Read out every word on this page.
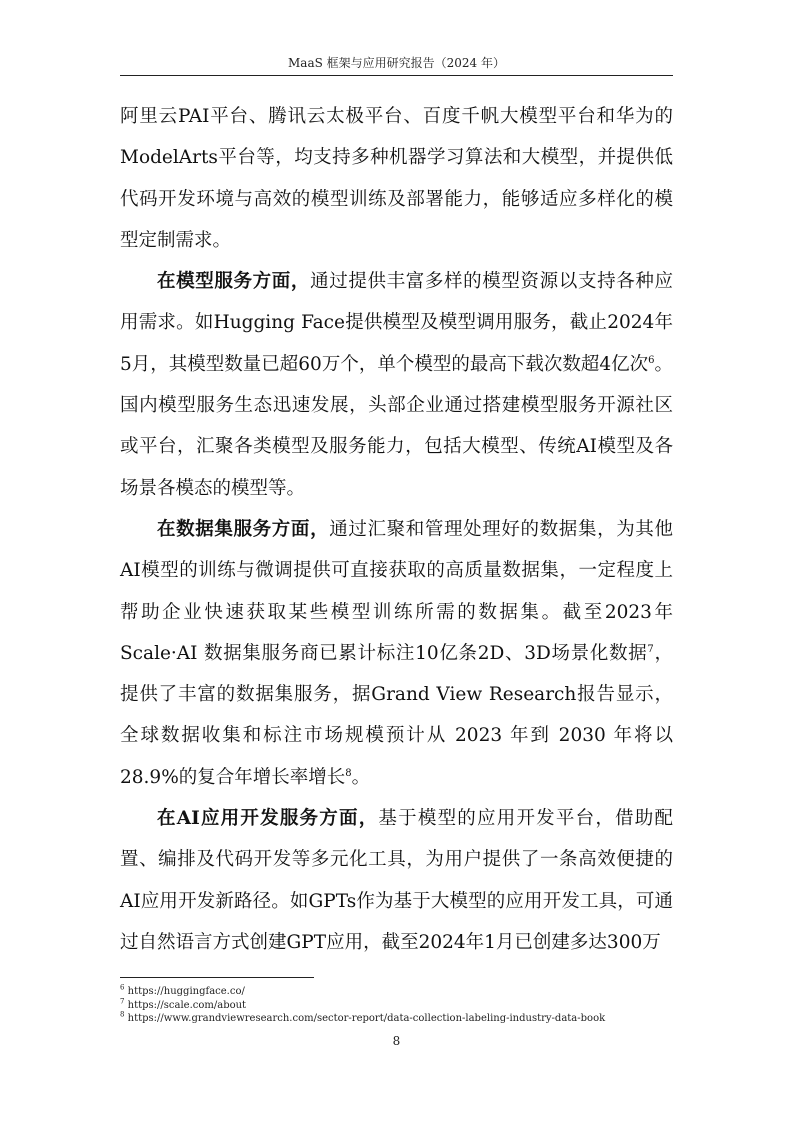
MaaS 框架与应用研究报告（2024 年）

阿里云PAI平台、腾讯云太极平台、百度千帆大模型平台和华为的ModelArts平台等，均支持多种机器学习算法和大模型，并提供低代码开发环境与高效的模型训练及部署能力，能够适应多样化的模型定制需求。

在模型服务方面，通过提供丰富多样的模型资源以支持各种应用需求。如Hugging Face提供模型及模型调用服务，截止2024年5月，其模型数量已超60万个，单个模型的最高下载次数超4亿次$^6$。国内模型服务生态迅速发展，头部企业通过搭建模型服务开源社区或平台，汇聚各类模型及服务能力，包括大模型、传统AI模型及各场景各模态的模型等。

在数据集服务方面，通过汇聚和管理处理好的数据集，为其他AI模型的训练与微调提供可直接获取的高质量数据集，一定程度上帮助企业快速获取某些模型训练所需的数据集。截至2023年Scale·AI 数据集服务商已累计标注10亿条2D、3D场景化数据$^7$，提供了丰富的数据集服务，据Grand View Research报告显示， 全球数据收集和标注市场规模预计从 2023 年到 2030 年将以 28.9%的复合年增长率增长$^8$。

在AI应用开发服务方面，基于模型的应用开发平台，借助配置、编排及代码开发等多元化工具，为用户提供了一条高效便捷的AI应用开发新路径。如GPTs作为基于大模型的应用开发工具，可通过自然语言方式创建GPT应用，截至2024年1月已创建多达300万

$^6$ https://huggingface.co/
$^7$ https://scale.com/about
$^8$ https://www.grandviewresearch.com/sector-report/data-collection-labeling-industry-data-book
8
